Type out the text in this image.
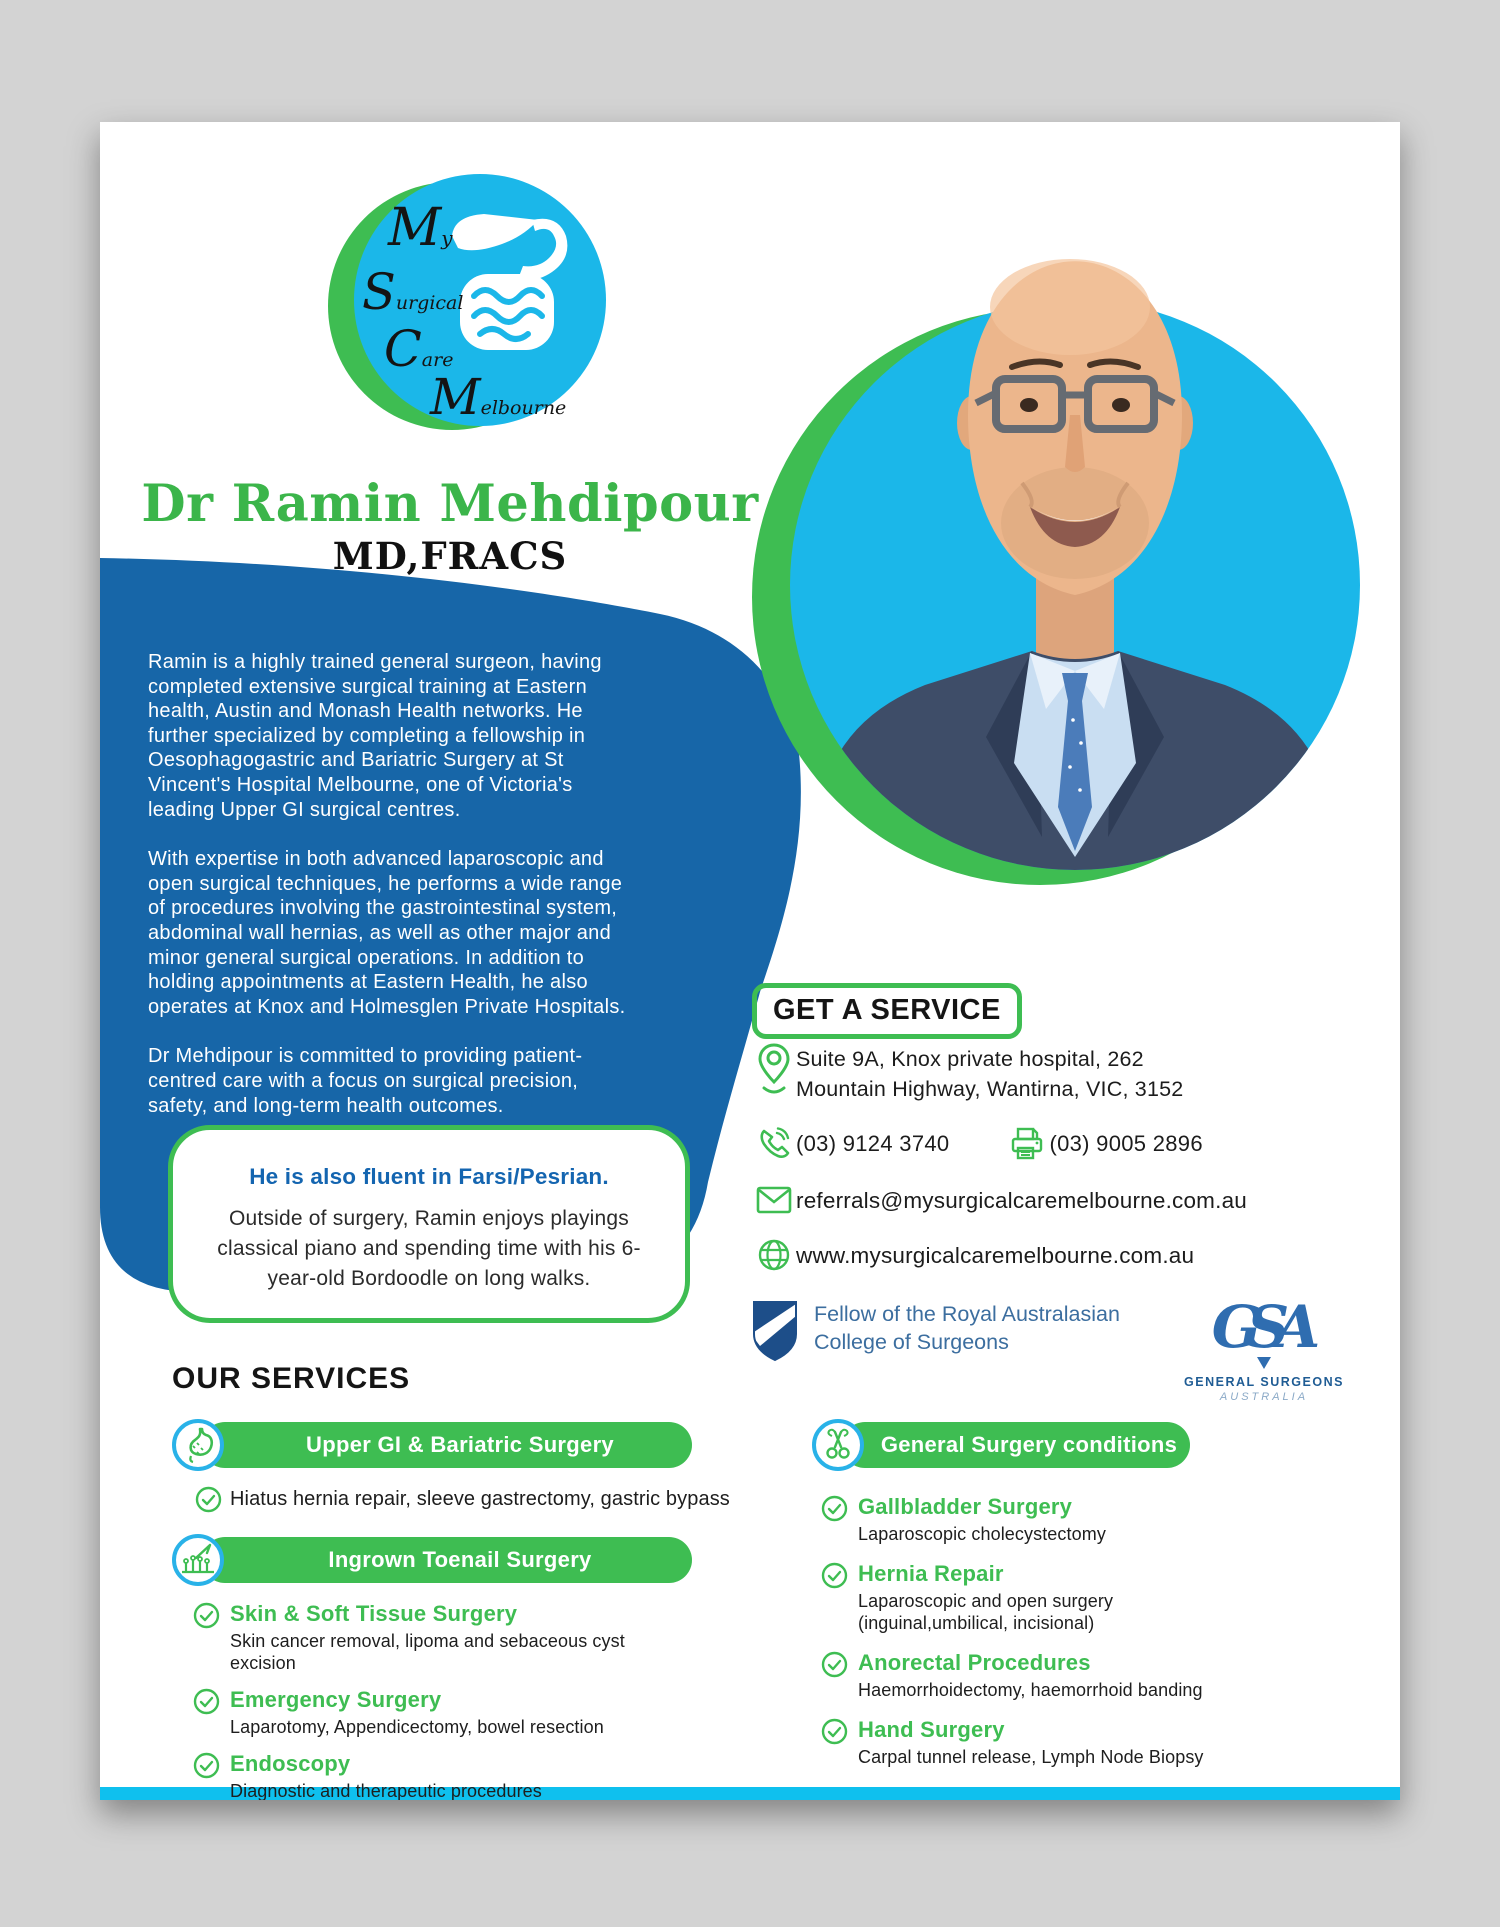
My
Surgical
Care
Melbourne
Dr Ramin Mehdipour
MD,FRACS

Ramin is a highly trained general surgeon, having completed extensive surgical training at Eastern health, Austin and Monash Health networks. He further specialized by completing a fellowship in Oesophagogastric and Bariatric Surgery at St Vincent's Hospital Melbourne, one of Victoria's leading Upper GI surgical centres.

With expertise in both advanced laparoscopic and open surgical techniques, he performs a wide range of procedures involving the gastrointestinal system, abdominal wall hernias, as well as other major and minor general surgical operations. In addition to holding appointments at Eastern Health, he also operates at Knox and Holmesglen Private Hospitals.

Dr Mehdipour is committed to providing patient-centred care with a focus on surgical precision, safety, and long-term health outcomes.

GET A SERVICE
Suite 9A, Knox private hospital, 262
Mountain Highway, Wantirna, VIC, 3152
(03) 9124 3740	(03) 9005 2896
referrals@mysurgicalcaremelbourne.com.au
www.mysurgicalcaremelbourne.com.au
Fellow of the Royal Australasian College of Surgeons	GSA
GENERAL SURGEONS
AUSTRALIA
OUR SERVICES
Upper GI & Bariatric Surgery
Hiatus hernia repair, sleeve gastrectomy, gastric bypass
Ingrown Toenail Surgery
Skin & Soft Tissue Surgery
Skin cancer removal, lipoma and sebaceous cyst excision
Emergency Surgery
Laparotomy, Appendicectomy, bowel resection
Endoscopy
Diagnostic and therapeutic procedures
General Surgery conditions
Gallbladder Surgery
Laparoscopic cholecystectomy
Hernia Repair
Laparoscopic and open surgery (inguinal,umbilical, incisional)
Anorectal Procedures
Haemorrhoidectomy, haemorrhoid banding
Hand Surgery
Carpal tunnel release, Lymph Node Biopsy
He is also fluent in Farsi/Pesrian.
Outside of surgery, Ramin enjoys playings classical piano and spending time with his 6-year-old Bordoodle on long walks.
